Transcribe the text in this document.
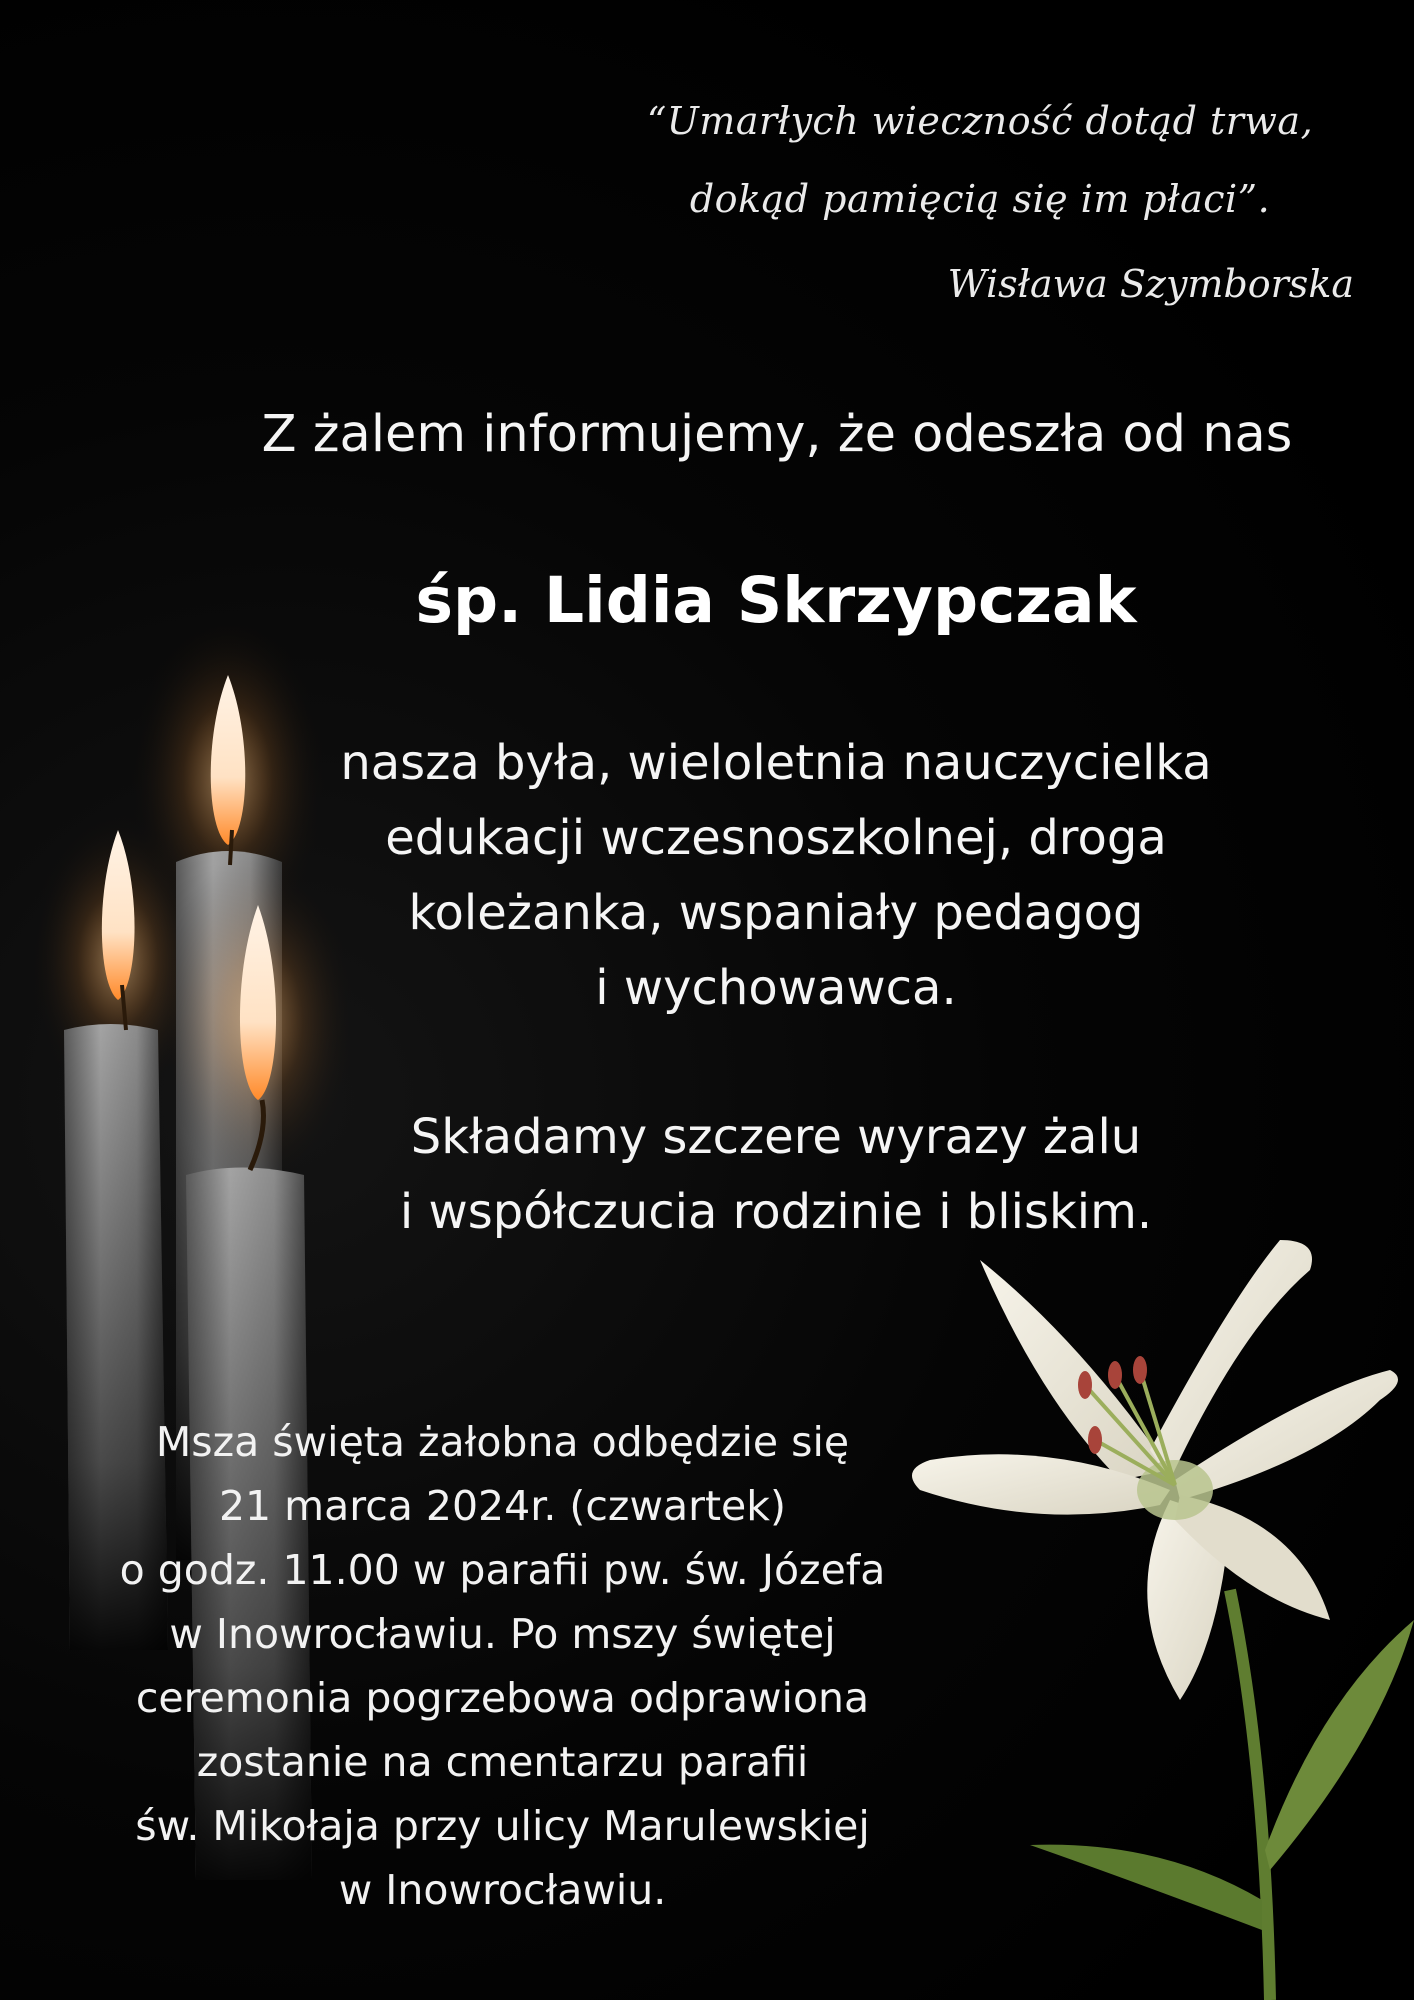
“Umarłych wieczność dotąd trwa,
dokąd pamięcią się im płaci”.
Wisława Szymborska
Z żalem informujemy, że odeszła od nas
śp. Lidia Skrzypczak
nasza była, wieloletnia nauczycielka
edukacji wczesnoszkolnej, droga
koleżanka, wspaniały pedagog
i wychowawca.
Składamy szczere wyrazy żalu
i współczucia rodzinie i bliskim.
Msza święta żałobna odbędzie się
21 marca 2024r. (czwartek)
o godz. 11.00 w parafii pw. św. Józefa
w Inowrocławiu. Po mszy świętej
ceremonia pogrzebowa odprawiona
zostanie na cmentarzu parafii
św. Mikołaja przy ulicy Marulewskiej
w Inowrocławiu.
